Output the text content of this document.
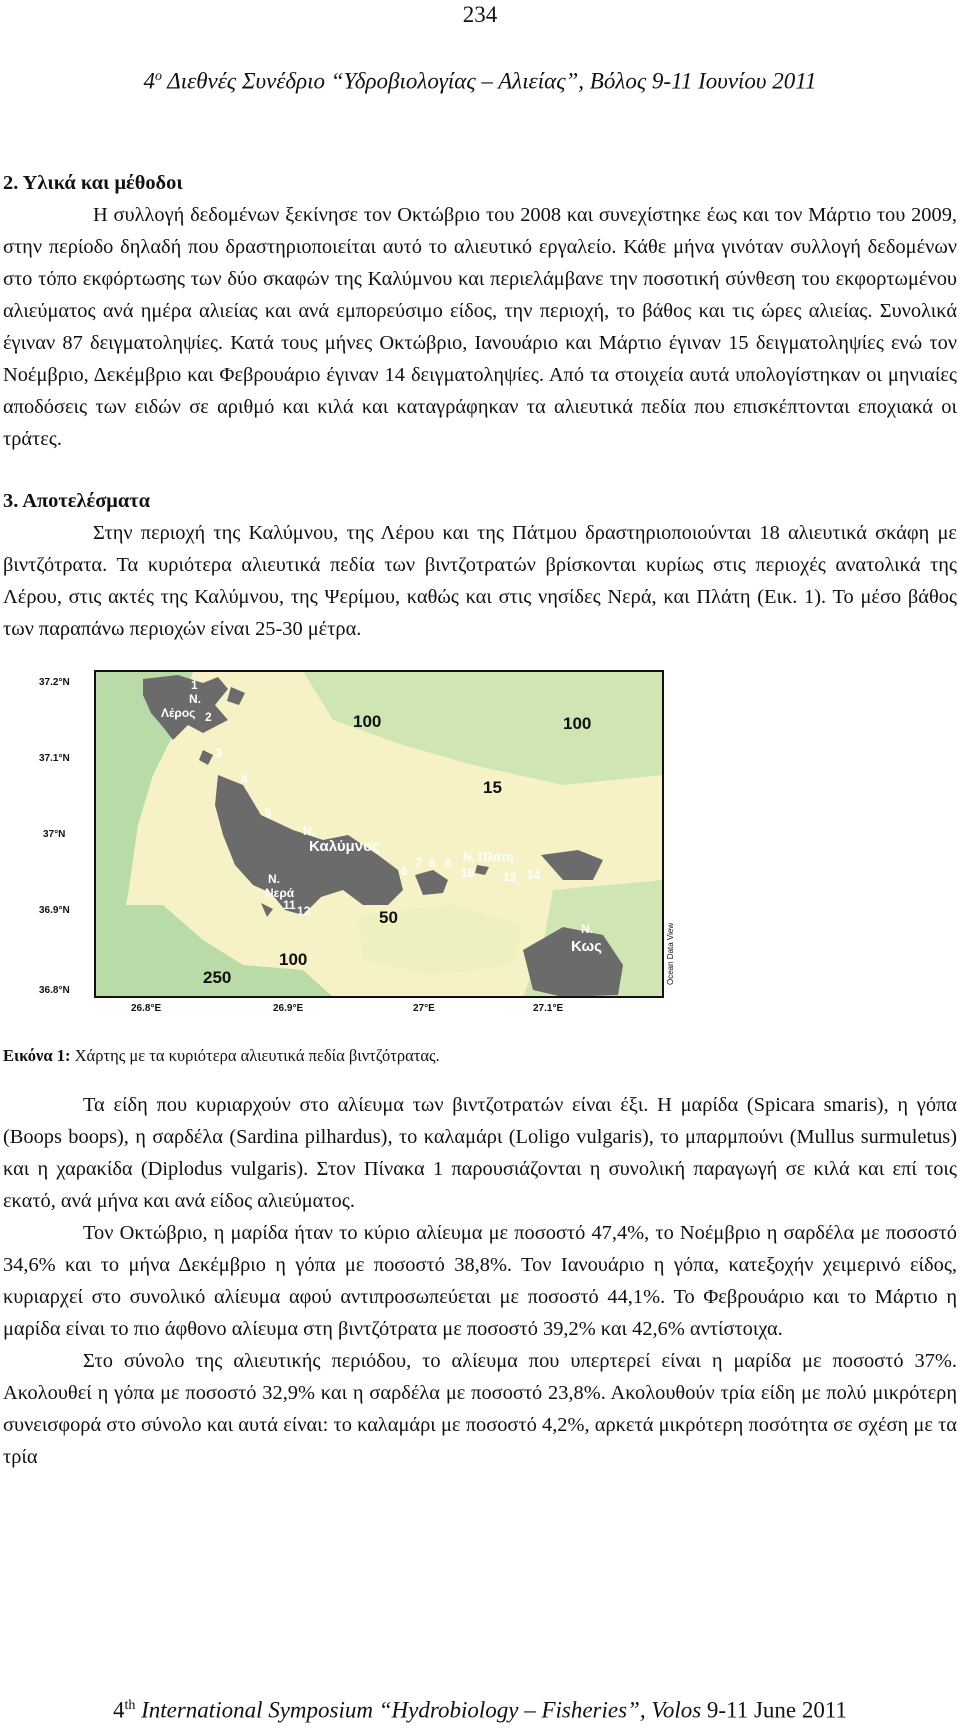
234
$4^o$ Διεθνές Συνέδριο “Υδροβιολογίας – Αλιείας”, Βόλος 9-11 Ιουνίου 2011

2. Υλικά και μέθοδοι

Η συλλογή δεδομένων ξεκίνησε τον Οκτώβριο του 2008 και συνεχίστηκε έως και τον Μάρτιο του 2009, στην περίοδο δηλαδή που δραστηριοποιείται αυτό το αλιευτικό εργαλείο. Κάθε μήνα γινόταν συλλογή δεδομένων στο τόπο εκφόρτωσης των δύο σκαφών της Καλύμνου και περιελάμβανε την ποσοτική σύνθεση του εκφορτωμένου αλιεύματος ανά ημέρα αλιείας και ανά εμπορεύσιμο είδος, την περιοχή, το βάθος και τις ώρες αλιείας. Συνολικά έγιναν 87 δειγματοληψίες. Κατά τους μήνες Οκτώβριο, Ιανουάριο και Μάρτιο έγιναν 15 δειγματοληψίες ενώ τον Νοέμβριο, Δεκέμβριο και Φεβρουάριο έγιναν 14 δειγματοληψίες. Από τα στοιχεία αυτά υπολογίστηκαν οι μηνιαίες αποδόσεις των ειδών σε αριθμό και κιλά και καταγράφηκαν τα αλιευτικά πεδία που επισκέπτονται εποχιακά οι τράτες.

3. Αποτελέσματα

Στην περιοχή της Καλύμνου, της Λέρου και της Πάτμου δραστηριοποιούνται 18 αλιευτικά σκάφη με βιντζότρατα. Τα κυριότερα αλιευτικά πεδία των βιντζοτρατών βρίσκονται κυρίως στις περιοχές ανατολικά της Λέρου, στις ακτές της Καλύμνου, της Ψερίμου, καθώς και στις νησίδες Νερά, και Πλάτη (Εικ. 1). Το μέσο βάθος των παραπάνω περιοχών είναι 25-30 μέτρα.

37.2°N
37.1°N
37°N
36.9°N
36.8°N
26.8°E	26.9°E	27°E	27.1°E
100	100
15
50
100
250
Ν.
Λέρος
Ν.
Καλύμνος
Ν.
Νερά
Ν. Πλάτη
Ν.
Κως
1
2
3
4
5
6
7 8 9
10
11 12
13 14
Ocean Data View

Εικόνα 1: Χάρτης με τα κυριότερα αλιευτικά πεδία βιντζότρατας.

Τα είδη που κυριαρχούν στο αλίευμα των βιντζοτρατών είναι έξι. Η μαρίδα (Spicara smaris), η γόπα (Boops boops), η σαρδέλα (Sardina pilhardus), το καλαμάρι (Loligo vulgaris), το μπαρμπούνι (Mullus surmuletus) και η χαρακίδα (Diplodus vulgaris). Στον Πίνακα 1 παρουσιάζονται η συνολική παραγωγή σε κιλά και επί τοις εκατό, ανά μήνα και ανά είδος αλιεύματος.

Τον Οκτώβριο, η μαρίδα ήταν το κύριο αλίευμα με ποσοστό 47,4%, το Νοέμβριο η σαρδέλα με ποσοστό 34,6% και το μήνα Δεκέμβριο η γόπα με ποσοστό 38,8%. Τον Ιανουάριο η γόπα, κατεξοχήν χειμερινό είδος, κυριαρχεί στο συνολικό αλίευμα αφού αντιπροσωπεύεται με ποσοστό 44,1%. Το Φεβρουάριο και το Μάρτιο η μαρίδα είναι το πιο άφθονο αλίευμα στη βιντζότρατα με ποσοστό 39,2% και 42,6% αντίστοιχα.

Στο σύνολο της αλιευτικής περιόδου, το αλίευμα που υπερτερεί είναι η μαρίδα με ποσοστό 37%. Ακολουθεί η γόπα με ποσοστό 32,9% και η σαρδέλα με ποσοστό 23,8%. Ακολουθούν τρία είδη με πολύ μικρότερη συνεισφορά στο σύνολο και αυτά είναι: το καλαμάρι με ποσοστό 4,2%, αρκετά μικρότερη ποσότητα σε σχέση με τα τρία

4th International Symposium “Hydrobiology – Fisheries”, Volos 9-11 June 2011
